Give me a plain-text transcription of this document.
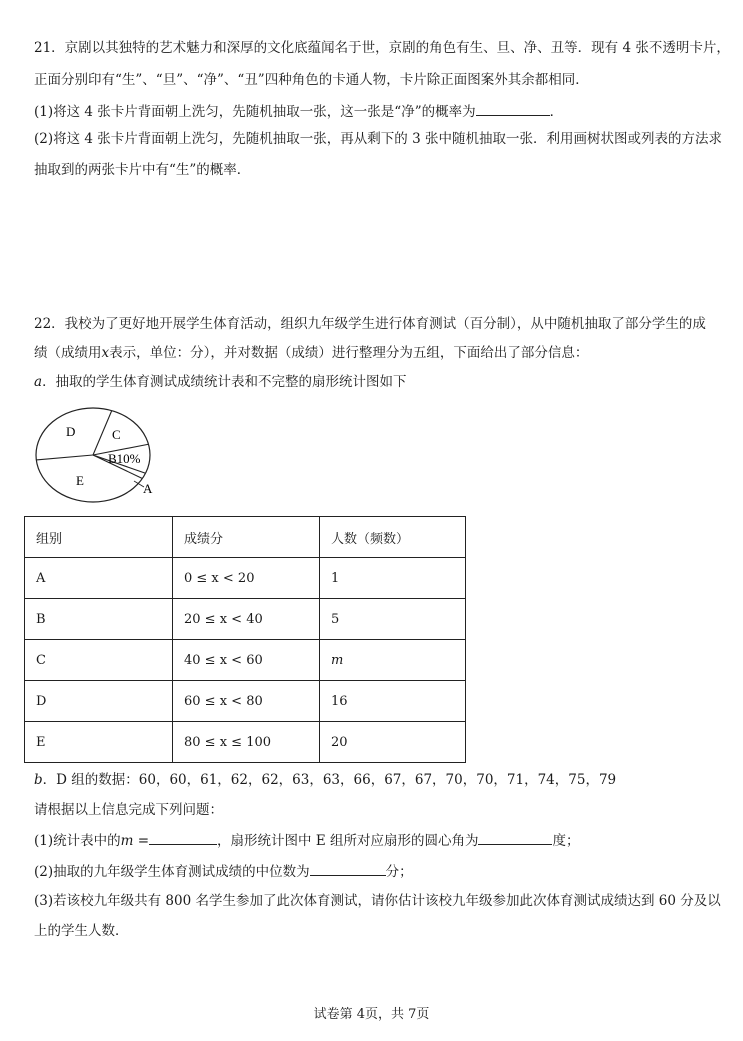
21．京剧以其独特的艺术魅力和深厚的文化底蕴闻名于世，京剧的角色有生、旦、净、丑等．现有 4 张不透明卡片，
正面分别印有“生”、“旦”、“净”、“丑”四种角色的卡通人物，卡片除正面图案外其余都相同．
(1)将这 4 张卡片背面朝上洗匀，先随机抽取一张，这一张是“净”的概率为	．
(2)将这 4 张卡片背面朝上洗匀，先随机抽取一张，再从剩下的 3 张中随机抽取一张．利用画树状图或列表的方法求
抽取到的两张卡片中有“生”的概率．
22．我校为了更好地开展学生体育活动，组织九年级学生进行体育测试（百分制），从中随机抽取了部分学生的成
绩（成绩用x表示，单位：分），并对数据（成绩）进行整理分为五组，下面给出了部分信息：
a．抽取的学生体育测试成绩统计表和不完整的扇形统计图如下
D	C
B10%
E
A
组别	成绩分	人数（频数）
A	0 ≤ x < 20	1
B	20 ≤ x < 40	5
C	40 ≤ x < 60	m
D	60 ≤ x < 80	16
E	80 ≤ x ≤ 100	20
b．D 组的数据：60，60，61，62，62，63，63，66，67，67，70，70，71，74，75，79
请根据以上信息完成下列问题：
(1)统计表中的m =	，扇形统计图中 E 组所对应扇形的圆心角为	度；
(2)抽取的九年级学生体育测试成绩的中位数为	分；
(3)若该校九年级共有 800 名学生参加了此次体育测试，请你估计该校九年级参加此次体育测试成绩达到 60 分及以
上的学生人数．
试卷第 4页，共 7页
